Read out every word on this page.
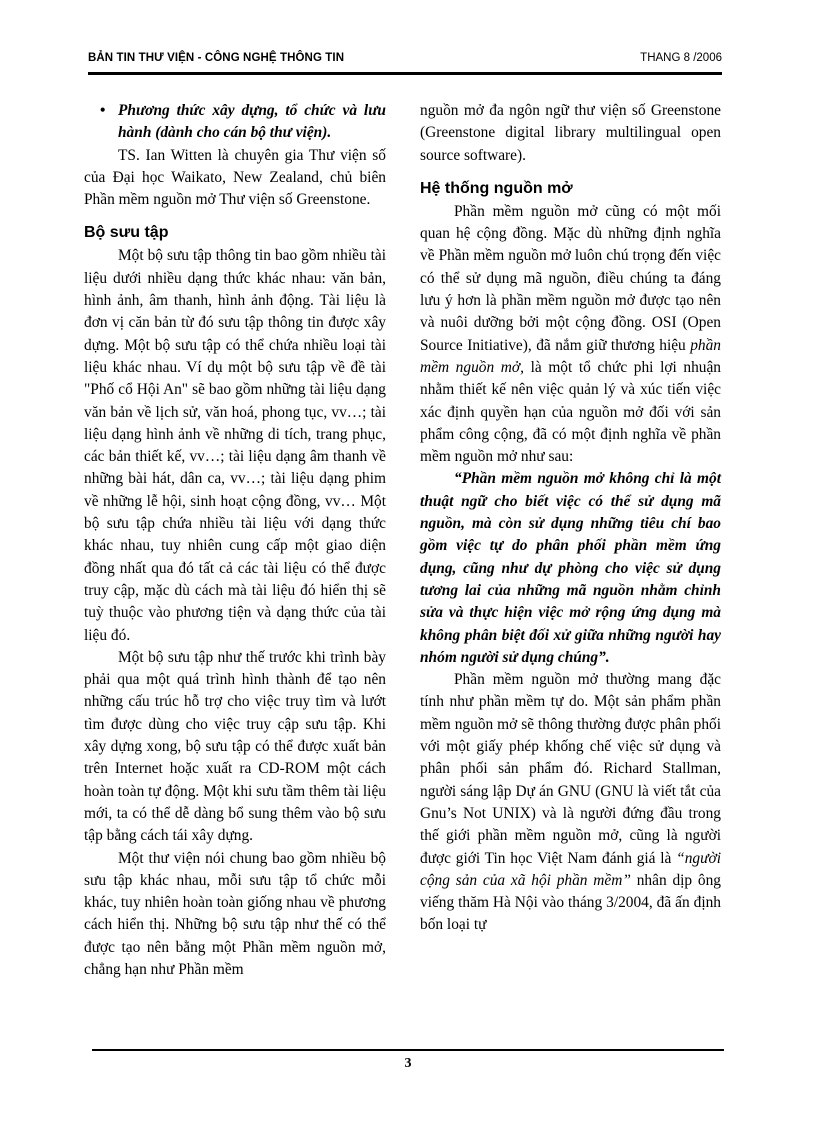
BẢN TIN THƯ VIỆN - CÔNG NGHỆ THÔNG TIN	THANG 8 /2006

• Phương thức xây dựng, tổ chức và lưu hành (dành cho cán bộ thư viện).

TS. Ian Witten là chuyên gia Thư viện số của Đại học Waikato, New Zealand, chủ biên Phần mềm nguồn mở Thư viện số Greenstone.

Bộ sưu tập

Một bộ sưu tập thông tin bao gồm nhiều tài liệu dưới nhiều dạng thức khác nhau: văn bản, hình ảnh, âm thanh, hình ảnh động. Tài liệu là đơn vị căn bản từ đó sưu tập thông tin được xây dựng. Một bộ sưu tập có thể chứa nhiều loại tài liệu khác nhau. Ví dụ một bộ sưu tập về đề tài "Phố cổ Hội An" sẽ bao gồm những tài liệu dạng văn bản về lịch sử, văn hoá, phong tục, vv…; tài liệu dạng hình ảnh về những di tích, trang phục, các bản thiết kế, vv…; tài liệu dạng âm thanh về những bài hát, dân ca, vv…; tài liệu dạng phim về những lễ hội, sinh hoạt cộng đồng, vv… Một bộ sưu tập chứa nhiều tài liệu với dạng thức khác nhau, tuy nhiên cung cấp một giao diện đồng nhất qua đó tất cả các tài liệu có thể được truy cập, mặc dù cách mà tài liệu đó hiển thị sẽ tuỳ thuộc vào phương tiện và dạng thức của tài liệu đó.

Một bộ sưu tập như thế trước khi trình bày phải qua một quá trình hình thành để tạo nên những cấu trúc hỗ trợ cho việc truy tìm và lướt tìm được dùng cho việc truy cập sưu tập. Khi xây dựng xong, bộ sưu tập có thể được xuất bản trên Internet hoặc xuất ra CD-ROM một cách hoàn toàn tự động. Một khi sưu tầm thêm tài liệu mới, ta có thể dễ dàng bổ sung thêm vào bộ sưu tập bằng cách tái xây dựng.

Một thư viện nói chung bao gồm nhiều bộ sưu tập khác nhau, mỗi sưu tập tổ chức mỗi khác, tuy nhiên hoàn toàn giống nhau về phương cách hiển thị. Những bộ sưu tập như thế có thể được tạo nên bằng một Phần mềm nguồn mở, chẳng hạn như Phần mềm

nguồn mở đa ngôn ngữ thư viện số Greenstone (Greenstone digital library multilingual open source software).

Hệ thống nguồn mở

Phần mềm nguồn mở cũng có một mối quan hệ cộng đồng. Mặc dù những định nghĩa về Phần mềm nguồn mở luôn chú trọng đến việc có thể sử dụng mã nguồn, điều chúng ta đáng lưu ý hơn là phần mềm nguồn mở được tạo nên và nuôi dưỡng bởi một cộng đồng. OSI (Open Source Initiative), đã nắm giữ thương hiệu phần mềm nguồn mở, là một tổ chức phi lợi nhuận nhằm thiết kế nên việc quản lý và xúc tiến việc xác định quyền hạn của nguồn mở đối với sản phẩm công cộng, đã có một định nghĩa về phần mềm nguồn mở như sau:

“Phần mềm nguồn mở không chỉ là một thuật ngữ cho biết việc có thể sử dụng mã nguồn, mà còn sử dụng những tiêu chí bao gồm việc tự do phân phối phần mềm ứng dụng, cũng như dự phòng cho việc sử dụng tương lai của những mã nguồn nhằm chỉnh sửa và thực hiện việc mở rộng ứng dụng mà không phân biệt đối xử giữa những người hay nhóm người sử dụng chúng”.

Phần mềm nguồn mở thường mang đặc tính như phần mềm tự do. Một sản phẩm phần mềm nguồn mở sẽ thông thường được phân phối với một giấy phép khống chế việc sử dụng và phân phối sản phẩm đó. Richard Stallman, người sáng lập Dự án GNU (GNU là viết tắt của Gnu’s Not UNIX) và là người đứng đầu trong thế giới phần mềm nguồn mở, cũng là người được giới Tin học Việt Nam đánh giá là “người cộng sản của xã hội phần mềm” nhân dịp ông viếng thăm Hà Nội vào tháng 3/2004, đã ấn định bốn loại tự

3
